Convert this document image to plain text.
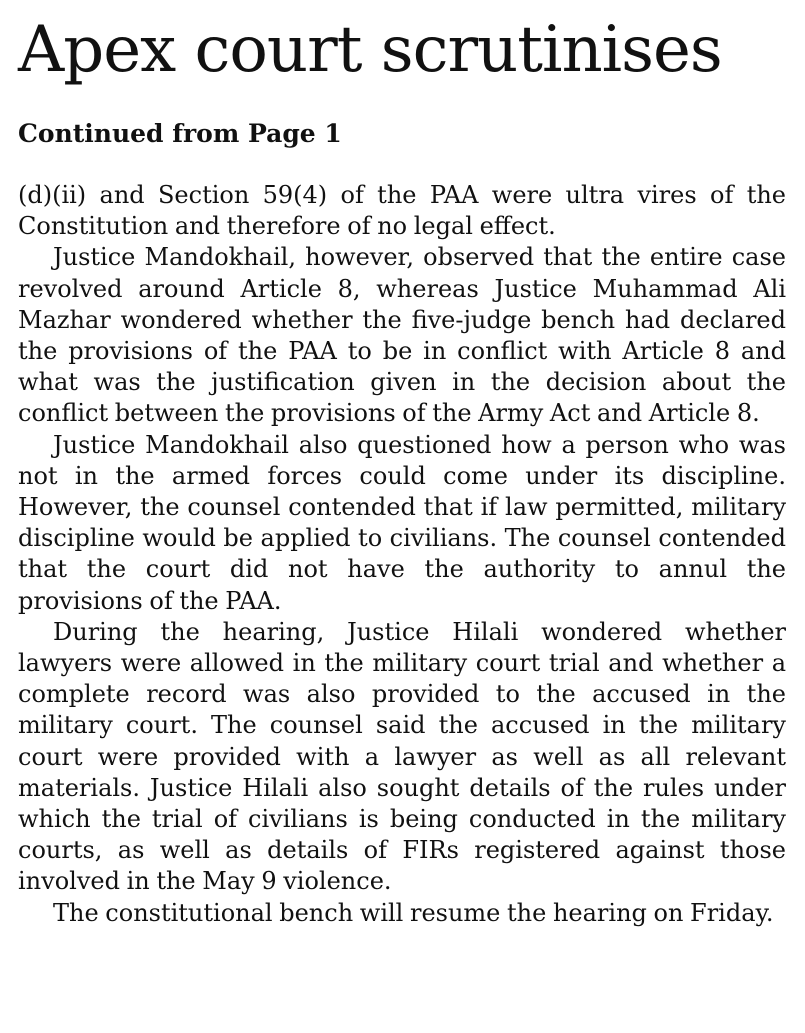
Apex court scrutinises
Continued from Page 1

(d)(ii) and Section 59(4) of the PAA were ultra vires of the Constitution and therefore of no legal effect.

Justice Mandokhail, however, observed that the entire case revolved around Article 8, whereas Justice Muhammad Ali Mazhar wondered whether the five-judge bench had declared the provisions of the PAA to be in conflict with Article 8 and what was the justification given in the decision about the conflict between the provisions of the Army Act and Article 8.

Justice Mandokhail also questioned how a person who was not in the armed forces could come under its discipline. However, the counsel contended that if law permitted, military discipline would be applied to civilians. The counsel contended that the court did not have the authority to annul the provisions of the PAA.

During the hearing, Justice Hilali wondered whether lawyers were allowed in the military court trial and whether a complete record was also provided to the accused in the military court. The counsel said the accused in the military court were provided with a lawyer as well as all relevant materials. Justice Hilali also sought details of the rules under which the trial of civilians is being conducted in the military courts, as well as details of FIRs registered against those involved in the May 9 violence.

The constitutional bench will resume the hearing on Friday.
